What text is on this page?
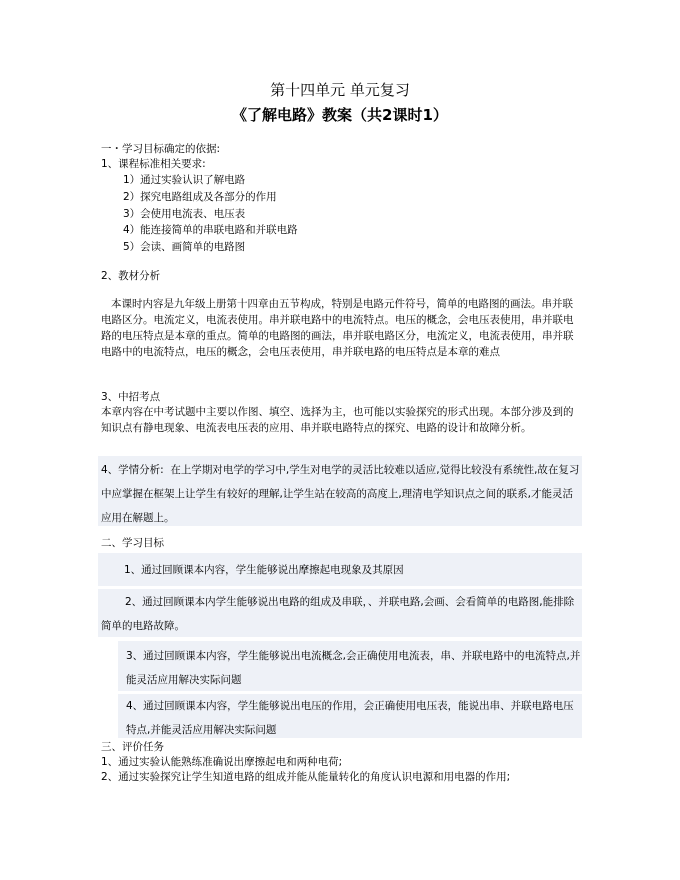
第十四单元 单元复习
《了解电路》教案（共2课时1）
一・学习目标确定的依据:
1、课程标准相关要求:
1）通过实验认识了解电路
2）探究电路组成及各部分的作用
3）会使用电流表、电压表
4）能连接简单的串联电路和并联电路
5）会读、画简单的电路图
2、教材分析
本课时内容是九年级上册第十四章由五节构成，特别是电路元件符号，简单的电路图的画法。串并联电路区分。电流定义，电流表使用。串并联电路中的电流特点。电压的概念，会电压表使用，串并联电路的电压特点是本章的重点。简单的电路图的画法，串并联电路区分，电流定义，电流表使用，串并联电路中的电流特点，电压的概念，会电压表使用，串并联电路的电压特点是本章的难点
3、中招考点
本章内容在中考试题中主要以作图、填空、选择为主，也可能以实验探究的形式出现。本部分涉及到的知识点有静电现象、电流表电压表的应用、串并联电路特点的探究、电路的设计和故障分析。
4、学情分析: 在上学期对电学的学习中,学生对电学的灵活比较难以适应,觉得比较没有系统性,故在复习中应掌握在框架上让学生有较好的理解,让学生站在较高的高度上,理清电学知识点之间的联系,才能灵活应用在解题上。
二、学习目标
1、通过回顾课本内容，学生能够说出摩擦起电现象及其原因
2、通过回顾课本内学生能够说出电路的组成及串联，、并联电路,会画、会看简单的电路图,能排除简单的电路故障。
3、通过回顾课本内容，学生能够说出电流概念,会正确使用电流表，串、并联电路中的电流特点,并能灵活应用解决实际问题
4、通过回顾课本内容，学生能够说出电压的作用，会正确使用电压表，能说出串、并联电路电压特点,并能灵活应用解决实际问题
三、评价任务
1、通过实验认能熟练准确说出摩擦起电和两种电荷;
2、通过实验探究让学生知道电路的组成并能从能量转化的角度认识电源和用电器的作用;
